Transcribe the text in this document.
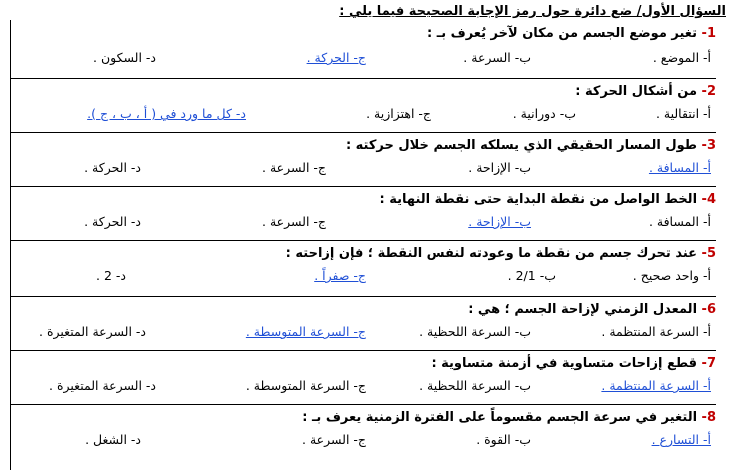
السؤال الأول/ ضع دائرة حول رمز الإجابة الصحيحة فيما يلي :
1- تغير موضع الجسم من مكان لآخر يُعرف بـ :
أ- الموضع .
ب- السرعة .
ج- الحركة .
د- السكون .
2- من أشكال الحركة :
أ- انتقالية .
ب- دورانية .
ج- اهتزازية .
د- كل ما ورد في ( أ ، ب ، ج ).
3- طول المسار الحقيقي الذي يسلكه الجسم خلال حركته :
أ- المسافة .
ب- الإزاحة .
ج- السرعة .
د- الحركة .
4- الخط الواصل من نقطة البداية حتى نقطة النهاية :
أ- المسافة .
ب- الإزاحة .
ج- السرعة .
د- الحركة .
5- عند تحرك جسم من نقطة ما وعودته لنفس النقطة ؛ فإن إزاحته :
أ- واحد صحيح .
ب- 2/1 .
ج- صفراً .
د- 2 .
6- المعدل الزمني لإزاحة الجسم ؛ هي :
أ- السرعة المنتظمة .
ب- السرعة اللحظية .
ج- السرعة المتوسطة .
د- السرعة المتغيرة .
7- قطع إزاحات متساوية في أزمنة متساوية :
أ- السرعة المنتظمة .
ب- السرعة اللحظية .
ج- السرعة المتوسطة .
د- السرعة المتغيرة .
8- التغير في سرعة الجسم مقسوماً على الفترة الزمنية يعرف بـ :
أ- التسارع .
ب- القوة .
ج- السرعة .
د- الشغل .
